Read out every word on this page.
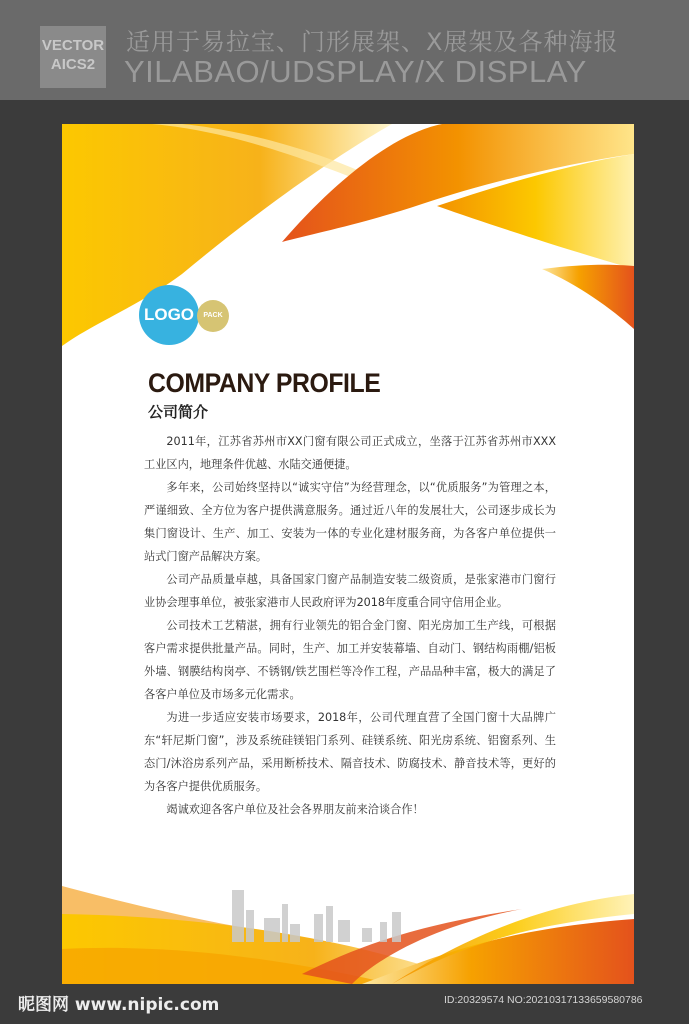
VECTOR
AICS2
适用于易拉宝、门形展架、X展架及各种海报
YILABAO/UDSPLAY/X DISPLAY
LOGO	PACK
COMPANY PROFILE
公司简介

2011年，江苏省苏州市XX门窗有限公司正式成立，坐落于江苏省苏州市XXX工业区内，地理条件优越、水陆交通便捷。

多年来，公司始终坚持以“诚实守信”为经营理念，以“优质服务”为管理之本，严谨细致、全方位为客户提供满意服务。通过近八年的发展壮大，公司逐步成长为集门窗设计、生产、加工、安装为一体的专业化建材服务商，为各客户单位提供一站式门窗产品解决方案。

公司产品质量卓越，具备国家门窗产品制造安装二级资质，是张家港市门窗行业协会理事单位，被张家港市人民政府评为2018年度重合同守信用企业。

公司技术工艺精湛，拥有行业领先的铝合金门窗、阳光房加工生产线，可根据客户需求提供批量产品。同时，生产、加工并安装幕墙、自动门、钢结构雨棚/铝板外墙、钢膜结构岗亭、不锈钢/铁艺围栏等冷作工程，产品品种丰富，极大的满足了各客户单位及市场多元化需求。

为进一步适应安装市场要求，2018年，公司代理直营了全国门窗十大品牌广东“轩尼斯门窗”，涉及系统硅镁铝门系列、硅镁系统、阳光房系统、铝窗系列、生态门/沐浴房系列产品，采用断桥技术、隔音技术、防腐技术、静音技术等，更好的为各客户提供优质服务。

竭诚欢迎各客户单位及社会各界朋友前来洽谈合作！

昵图网 www.nipic.com	ID:20329574 NO:20210317133659580786
